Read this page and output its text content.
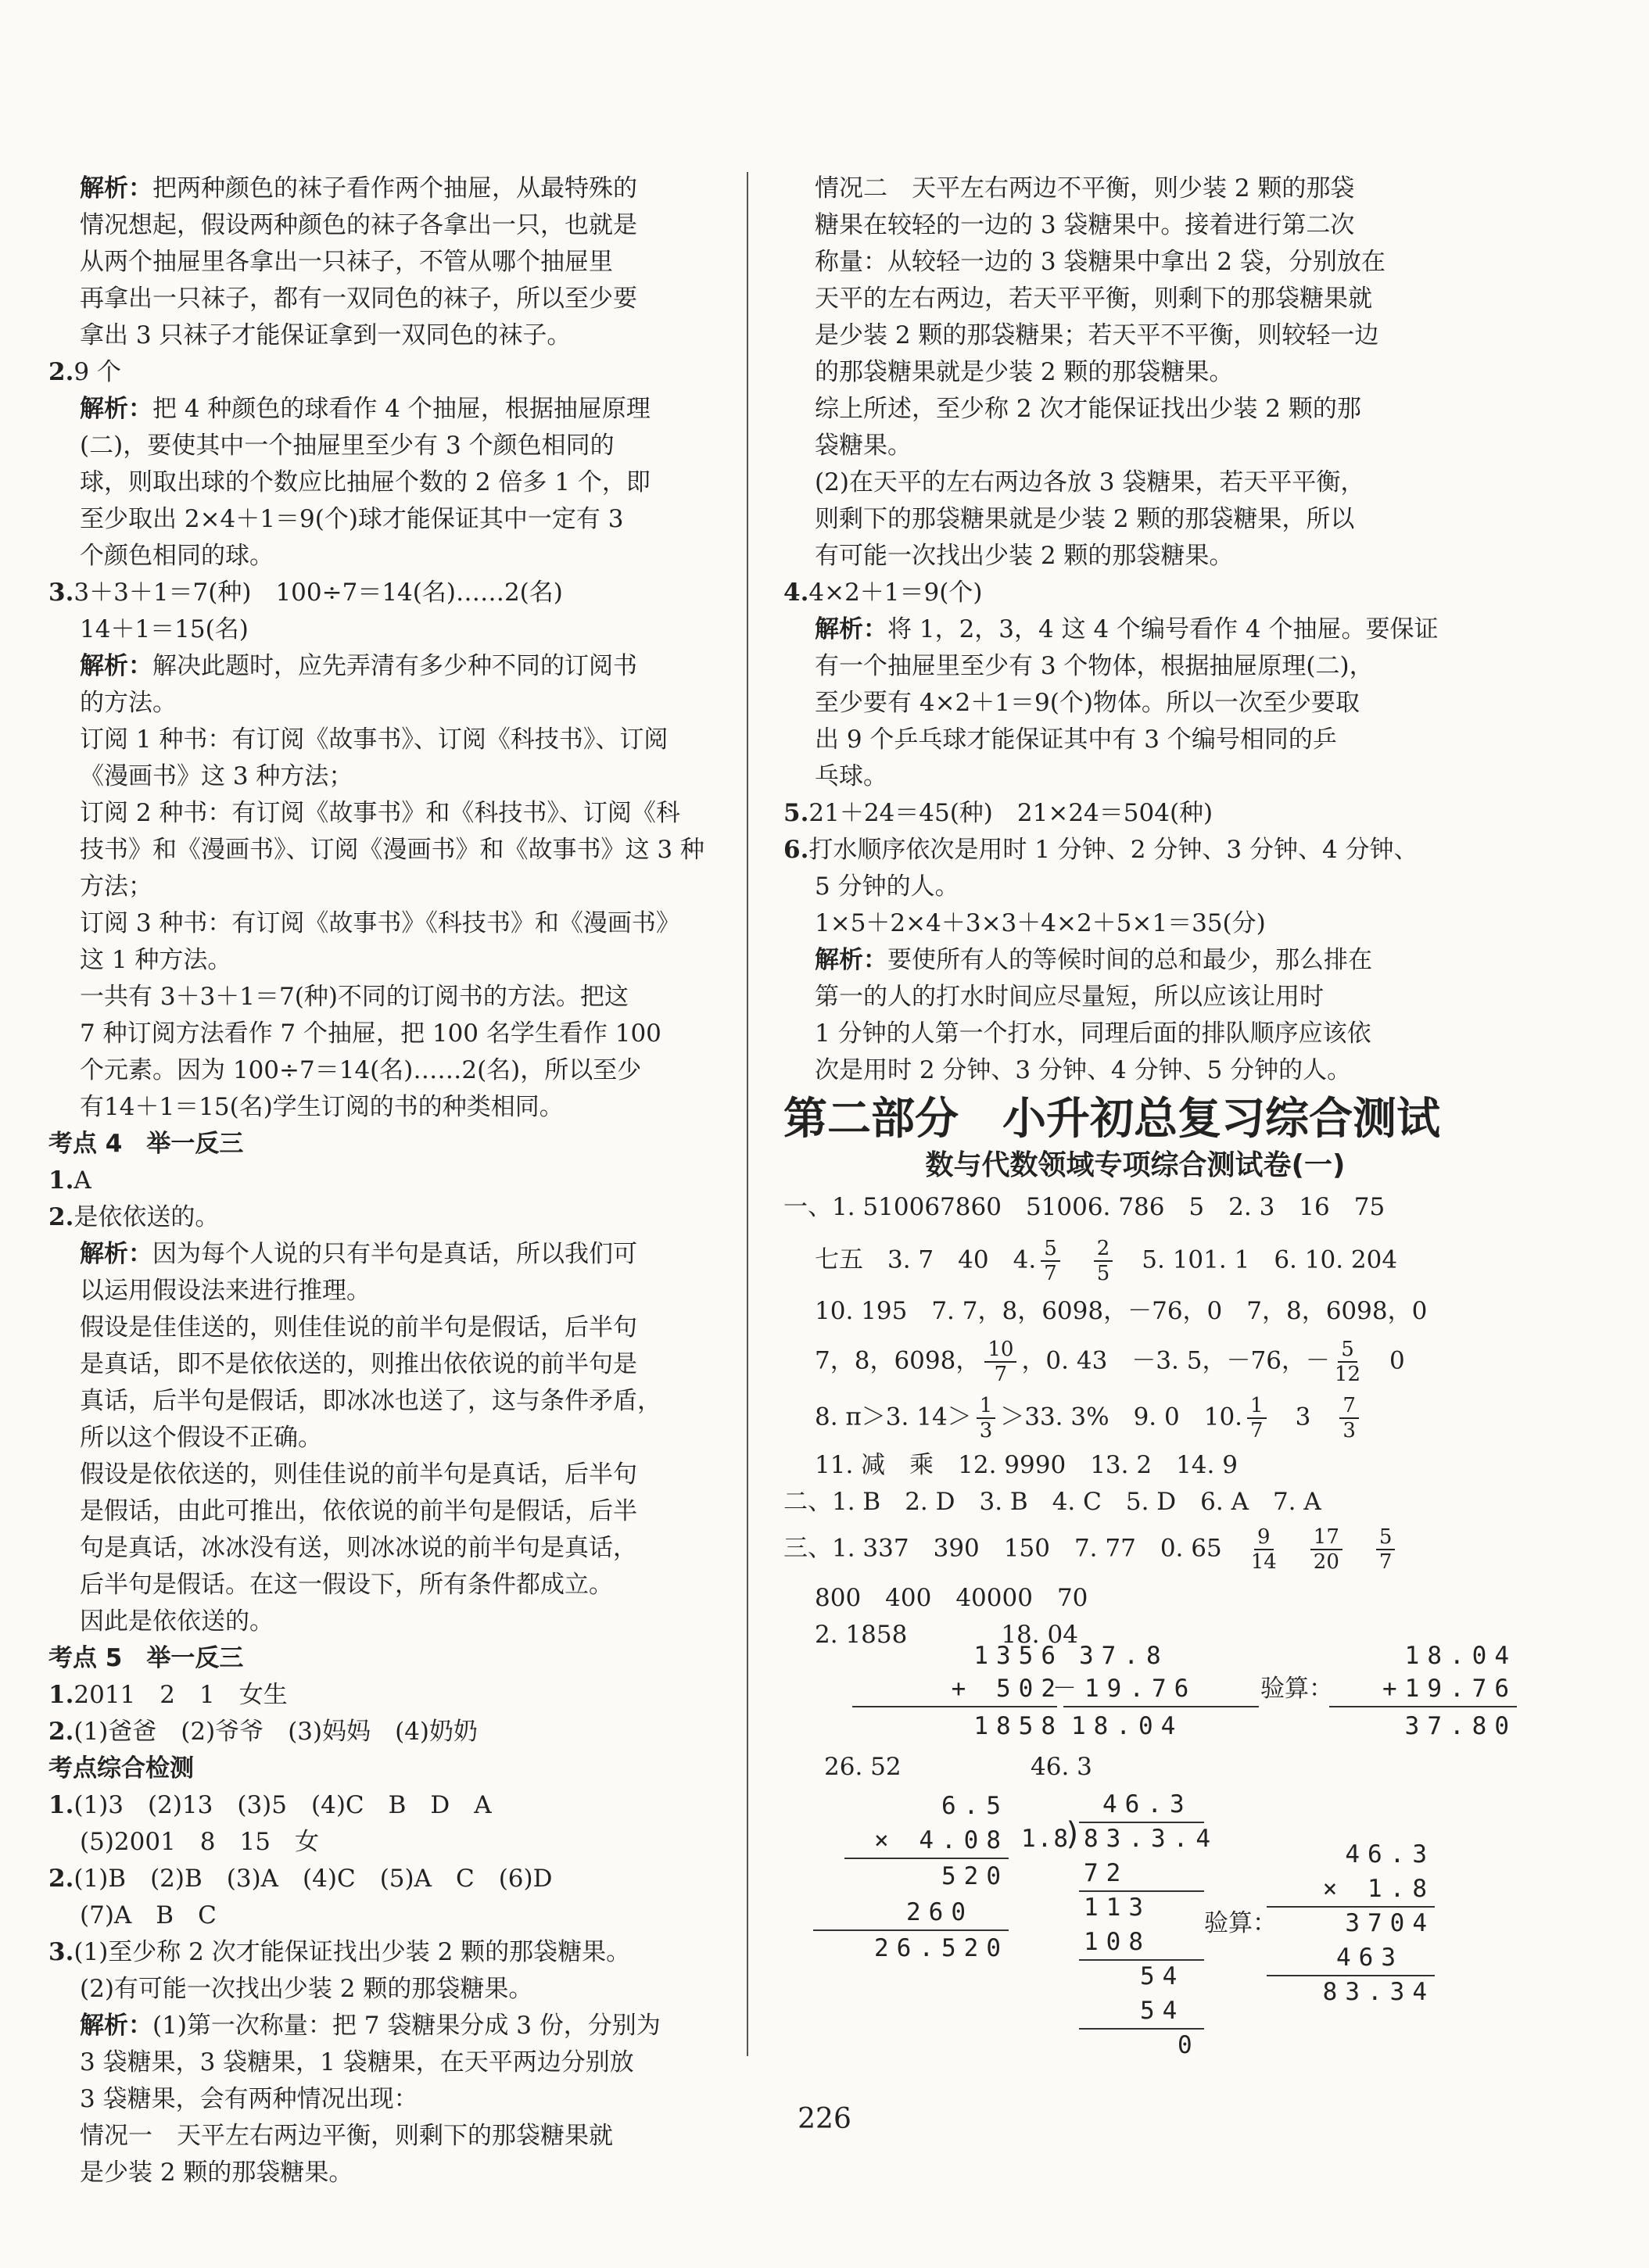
解析：把两种颜色的袜子看作两个抽屉，从最特殊的

情况想起，假设两种颜色的袜子各拿出一只，也就是

从两个抽屉里各拿出一只袜子，不管从哪个抽屉里

再拿出一只袜子，都有一双同色的袜子，所以至少要

拿出 3 只袜子才能保证拿到一双同色的袜子。

2.9 个

解析：把 4 种颜色的球看作 4 个抽屉，根据抽屉原理

(二)，要使其中一个抽屉里至少有 3 个颜色相同的

球，则取出球的个数应比抽屉个数的 2 倍多 1 个，即

至少取出 2×4＋1＝9(个)球才能保证其中一定有 3

个颜色相同的球。

3.3＋3＋1＝7(种)　100÷7＝14(名)……2(名)

14＋1＝15(名)

解析：解决此题时，应先弄清有多少种不同的订阅书

的方法。

订阅 1 种书：有订阅《故事书》、订阅《科技书》、订阅

《漫画书》这 3 种方法；

订阅 2 种书：有订阅《故事书》和《科技书》、订阅《科

技书》和《漫画书》、订阅《漫画书》和《故事书》这 3 种

方法；

订阅 3 种书：有订阅《故事书》《科技书》和《漫画书》

这 1 种方法。

一共有 3＋3＋1＝7(种)不同的订阅书的方法。把这

7 种订阅方法看作 7 个抽屉，把 100 名学生看作 100

个元素。因为 100÷7＝14(名)……2(名)，所以至少

有14＋1＝15(名)学生订阅的书的种类相同。

考点 4　举一反三

1.A

2.是依依送的。

解析：因为每个人说的只有半句是真话，所以我们可

以运用假设法来进行推理。

假设是佳佳送的，则佳佳说的前半句是假话，后半句

是真话，即不是依依送的，则推出依依说的前半句是

真话，后半句是假话，即冰冰也送了，这与条件矛盾，

所以这个假设不正确。

假设是依依送的，则佳佳说的前半句是真话，后半句

是假话，由此可推出，依依说的前半句是假话，后半

句是真话，冰冰没有送，则冰冰说的前半句是真话，

后半句是假话。在这一假设下，所有条件都成立。

因此是依依送的。

考点 5　举一反三

1.2011　2　1　女生

2.(1)爸爸　(2)爷爷　(3)妈妈　(4)奶奶

考点综合检测

1.(1)3　(2)13　(3)5　(4)C　B　D　A

(5)2001　8　15　女

2.(1)B　(2)B　(3)A　(4)C　(5)A　C　(6)D

(7)A　B　C

3.(1)至少称 2 次才能保证找出少装 2 颗的那袋糖果。

(2)有可能一次找出少装 2 颗的那袋糖果。

解析：(1)第一次称量：把 7 袋糖果分成 3 份，分别为

3 袋糖果，3 袋糖果，1 袋糖果，在天平两边分别放

3 袋糖果，会有两种情况出现：

情况一　天平左右两边平衡，则剩下的那袋糖果就

是少装 2 颗的那袋糖果。

情况二　天平左右两边不平衡，则少装 2 颗的那袋

糖果在较轻的一边的 3 袋糖果中。接着进行第二次

称量：从较轻一边的 3 袋糖果中拿出 2 袋，分别放在

天平的左右两边，若天平平衡，则剩下的那袋糖果就

是少装 2 颗的那袋糖果；若天平不平衡，则较轻一边

的那袋糖果就是少装 2 颗的那袋糖果。

综上所述，至少称 2 次才能保证找出少装 2 颗的那

袋糖果。

(2)在天平的左右两边各放 3 袋糖果，若天平平衡，

则剩下的那袋糖果就是少装 2 颗的那袋糖果，所以

有可能一次找出少装 2 颗的那袋糖果。

4.4×2＋1＝9(个)

解析：将 1，2，3，4 这 4 个编号看作 4 个抽屉。要保证

有一个抽屉里至少有 3 个物体，根据抽屉原理(二)，

至少要有 4×2＋1＝9(个)物体。所以一次至少要取

出 9 个乒乓球才能保证其中有 3 个编号相同的乒

乓球。

5.21＋24＝45(种)　21×24＝504(种)

6.打水顺序依次是用时 1 分钟、2 分钟、3 分钟、4 分钟、

5 分钟的人。

1×5＋2×4＋3×3＋4×2＋5×1＝35(分)

解析：要使所有人的等候时间的总和最少，那么排在

第一的人的打水时间应尽量短，所以应该让用时

1 分钟的人第一个打水，同理后面的排队顺序应该依

次是用时 2 分钟、3 分钟、4 分钟、5 分钟的人。

第二部分　小升初总复习综合测试
数与代数领域专项综合测试卷(一)

一、1. 510067860　51006. 786　5　2. 3　16　75

七五　3. 7　40　4. $\frac{5}{7}$
　 $\frac{2}{5}$
　 5. 101. 1　6. 10. 204

10. 195　7. 7，8，6098，－76，0　7，8，6098，0

7，8，6098， $\frac{10}{7}$ ，0. 43　－3. 5，－76，－ $\frac{5}{12}$ 　0

8. π＞3. $14> \frac{1}{3} >33$. 3%　9. 0　10. $\frac{1}{7}$ 　3　 $\frac{7}{3}$

11. 减　乘　12. 9990　13. 2　14. 9

二、1. B　2. D　3. B　4. C　5. D　6. A　7. A

三、1. 337　390　150　7. 77　0. 65　 $\frac{9}{14}$
　 $\frac{17}{20}$
　 $\frac{5}{7}$

800　400　40000　70

2. 1858	18. 04

1356
+ 502
1858
37.8
－19.76
18.04
验算：
18.04
+19.76
37.80
26. 52	46. 3
6.5
× 4.08
520
260
26.520
46.3
1.8
) 83.3.4
72
113
108
54
54
0
验算：
46.3
× 1.8
3704
463
83.34
226
